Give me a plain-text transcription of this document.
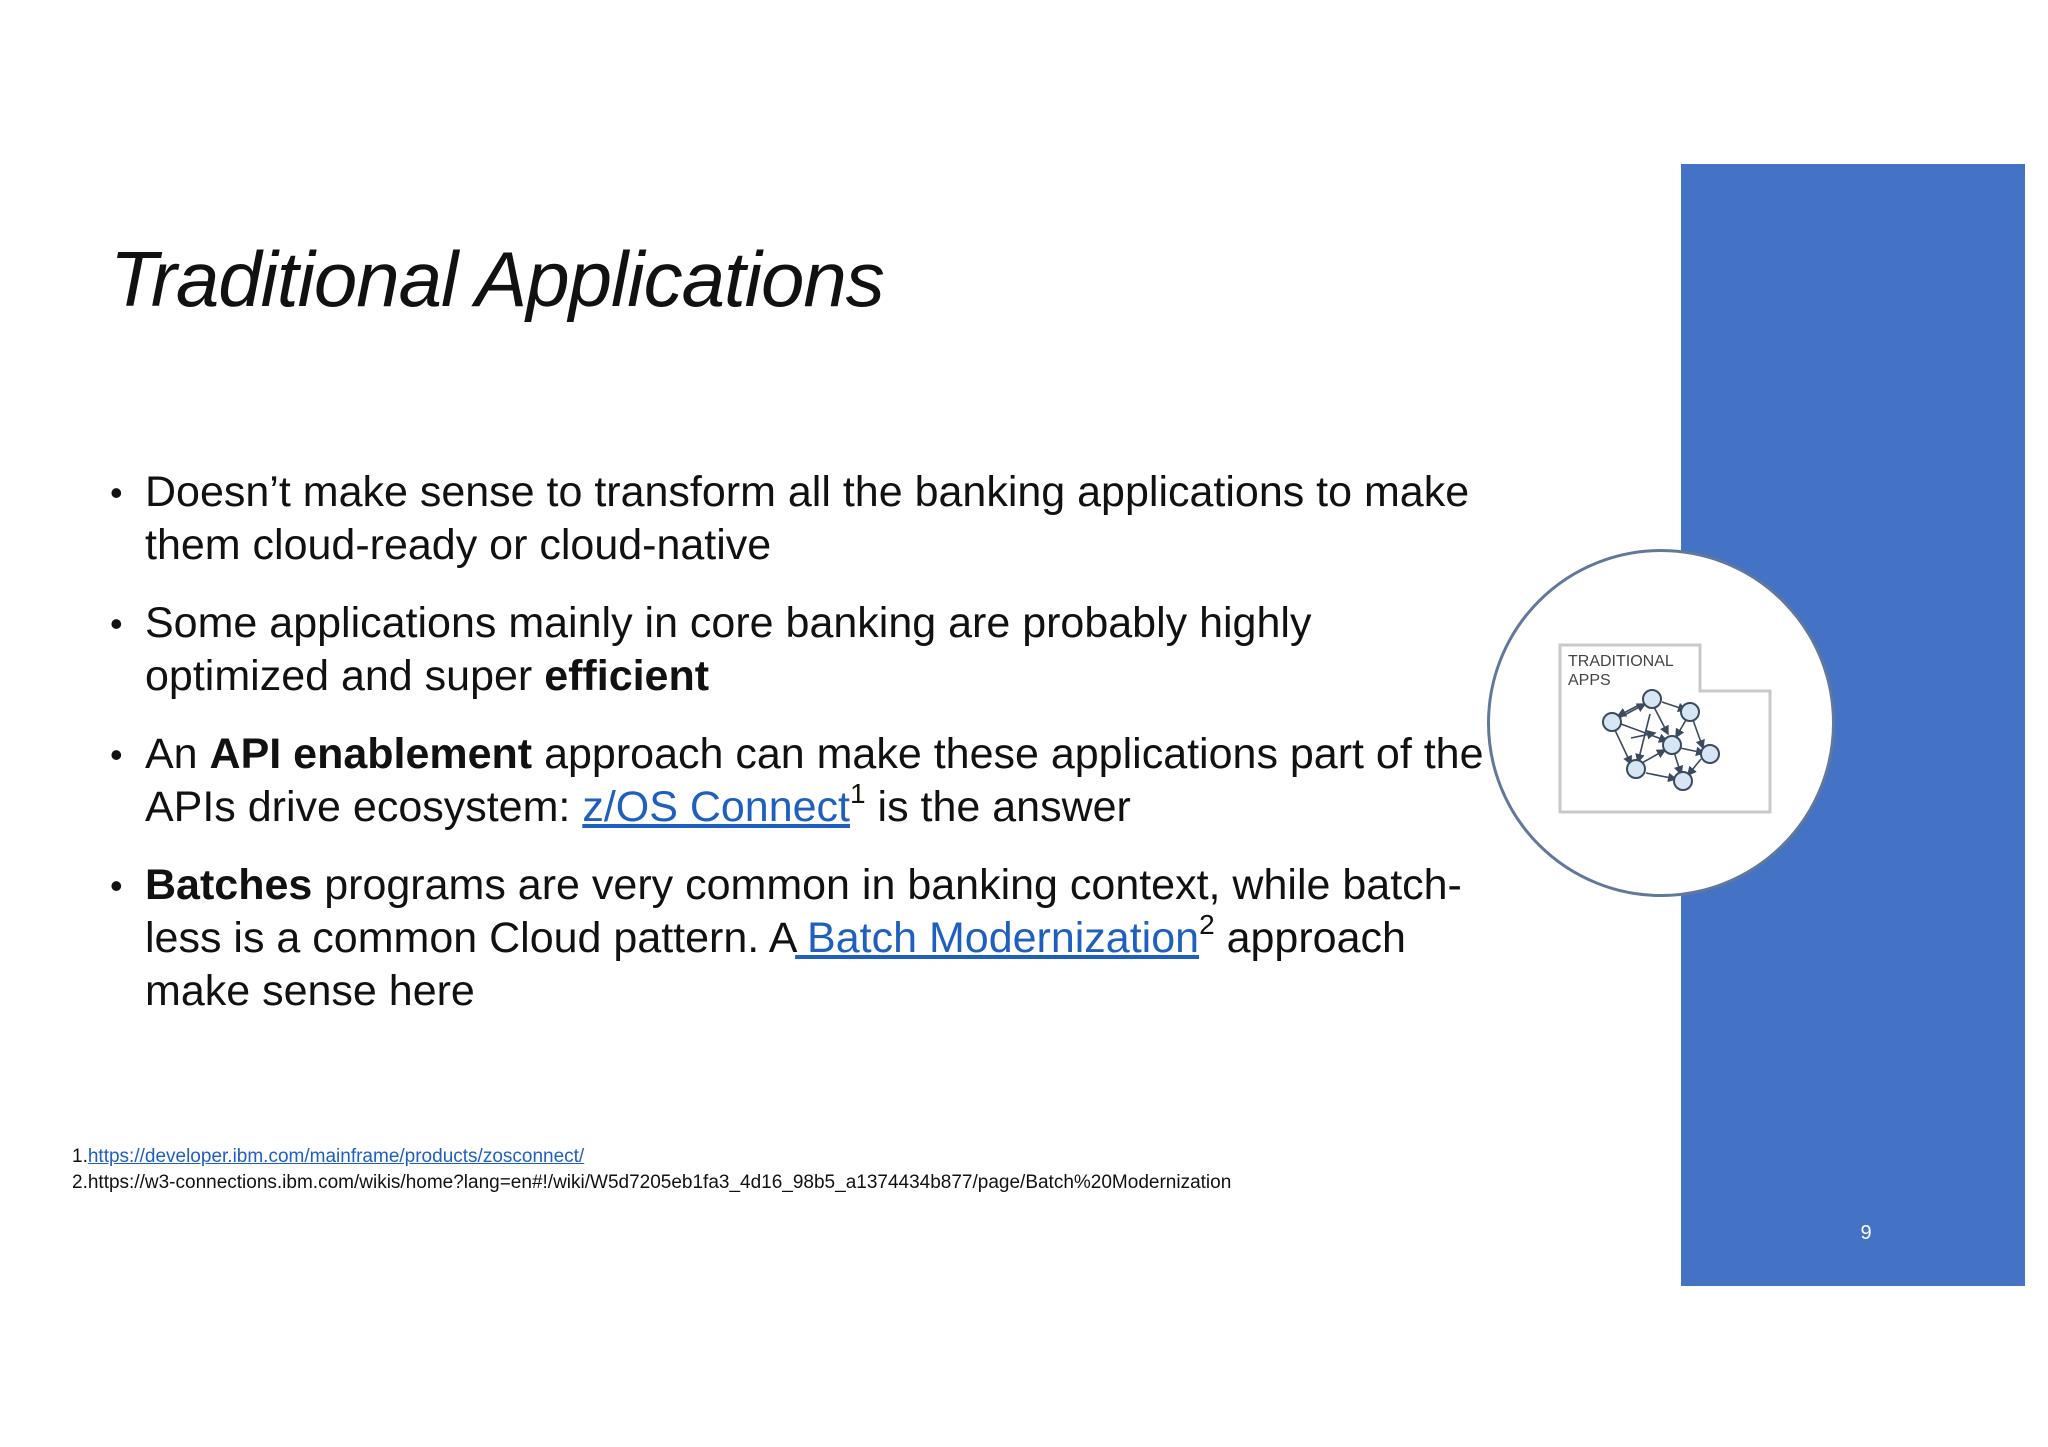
Traditional Applications
• Doesn’t make sense to transform all the banking applications to make them cloud-ready or cloud-native
• Some applications mainly in core banking are probably highly optimized and super efficient
• An API enablement approach can make these applications part of the APIs drive ecosystem: z/OS Connect$^1$ is the answer
• Batches programs are very common in banking context, while batch-less is a common Cloud pattern. A Batch Modernization$^2$ approach make sense here
1.https://developer.ibm.com/mainframe/products/zosconnect/
2.https://w3-connections.ibm.com/wikis/home?lang=en#!/wiki/W5d7205eb1fa3_4d16_98b5_a1374434b877/page/Batch%20Modernization
TRADITIONAL
APPS
9
